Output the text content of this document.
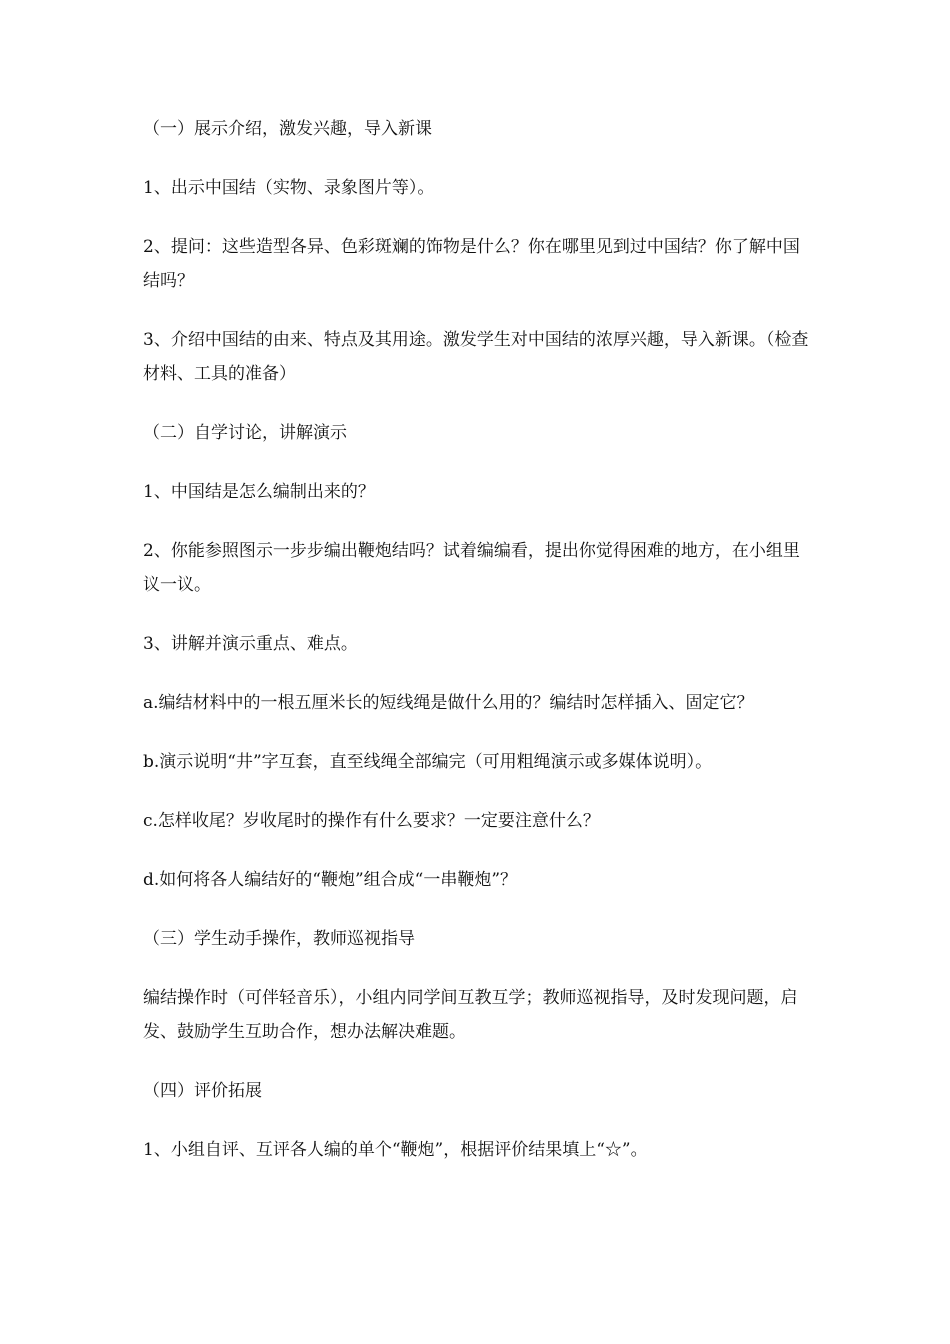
（一）展示介绍，激发兴趣，导入新课

1、出示中国结（实物、录象图片等）。

2、提问：这些造型各异、色彩斑斓的饰物是什么？你在哪里见到过中国结？你了解中国结吗？

3、介绍中国结的由来、特点及其用途。激发学生对中国结的浓厚兴趣，导入新课。（检查材料、工具的准备）

（二）自学讨论，讲解演示

1、中国结是怎么编制出来的？

2、你能参照图示一步步编出鞭炮结吗？试着编编看，提出你觉得困难的地方，在小组里议一议。

3、讲解并演示重点、难点。

a.编结材料中的一根五厘米长的短线绳是做什么用的？编结时怎样插入、固定它？

b.演示说明“井”字互套，直至线绳全部编完（可用粗绳演示或多媒体说明）。

c.怎样收尾？岁收尾时的操作有什么要求？一定要注意什么？

d.如何将各人编结好的“鞭炮”组合成“一串鞭炮”？

（三）学生动手操作，教师巡视指导

编结操作时（可伴轻音乐），小组内同学间互教互学；教师巡视指导，及时发现问题，启发、鼓励学生互助合作，想办法解决难题。

（四）评价拓展

1、小组自评、互评各人编的单个“鞭炮”，根据评价结果填上“☆”。
